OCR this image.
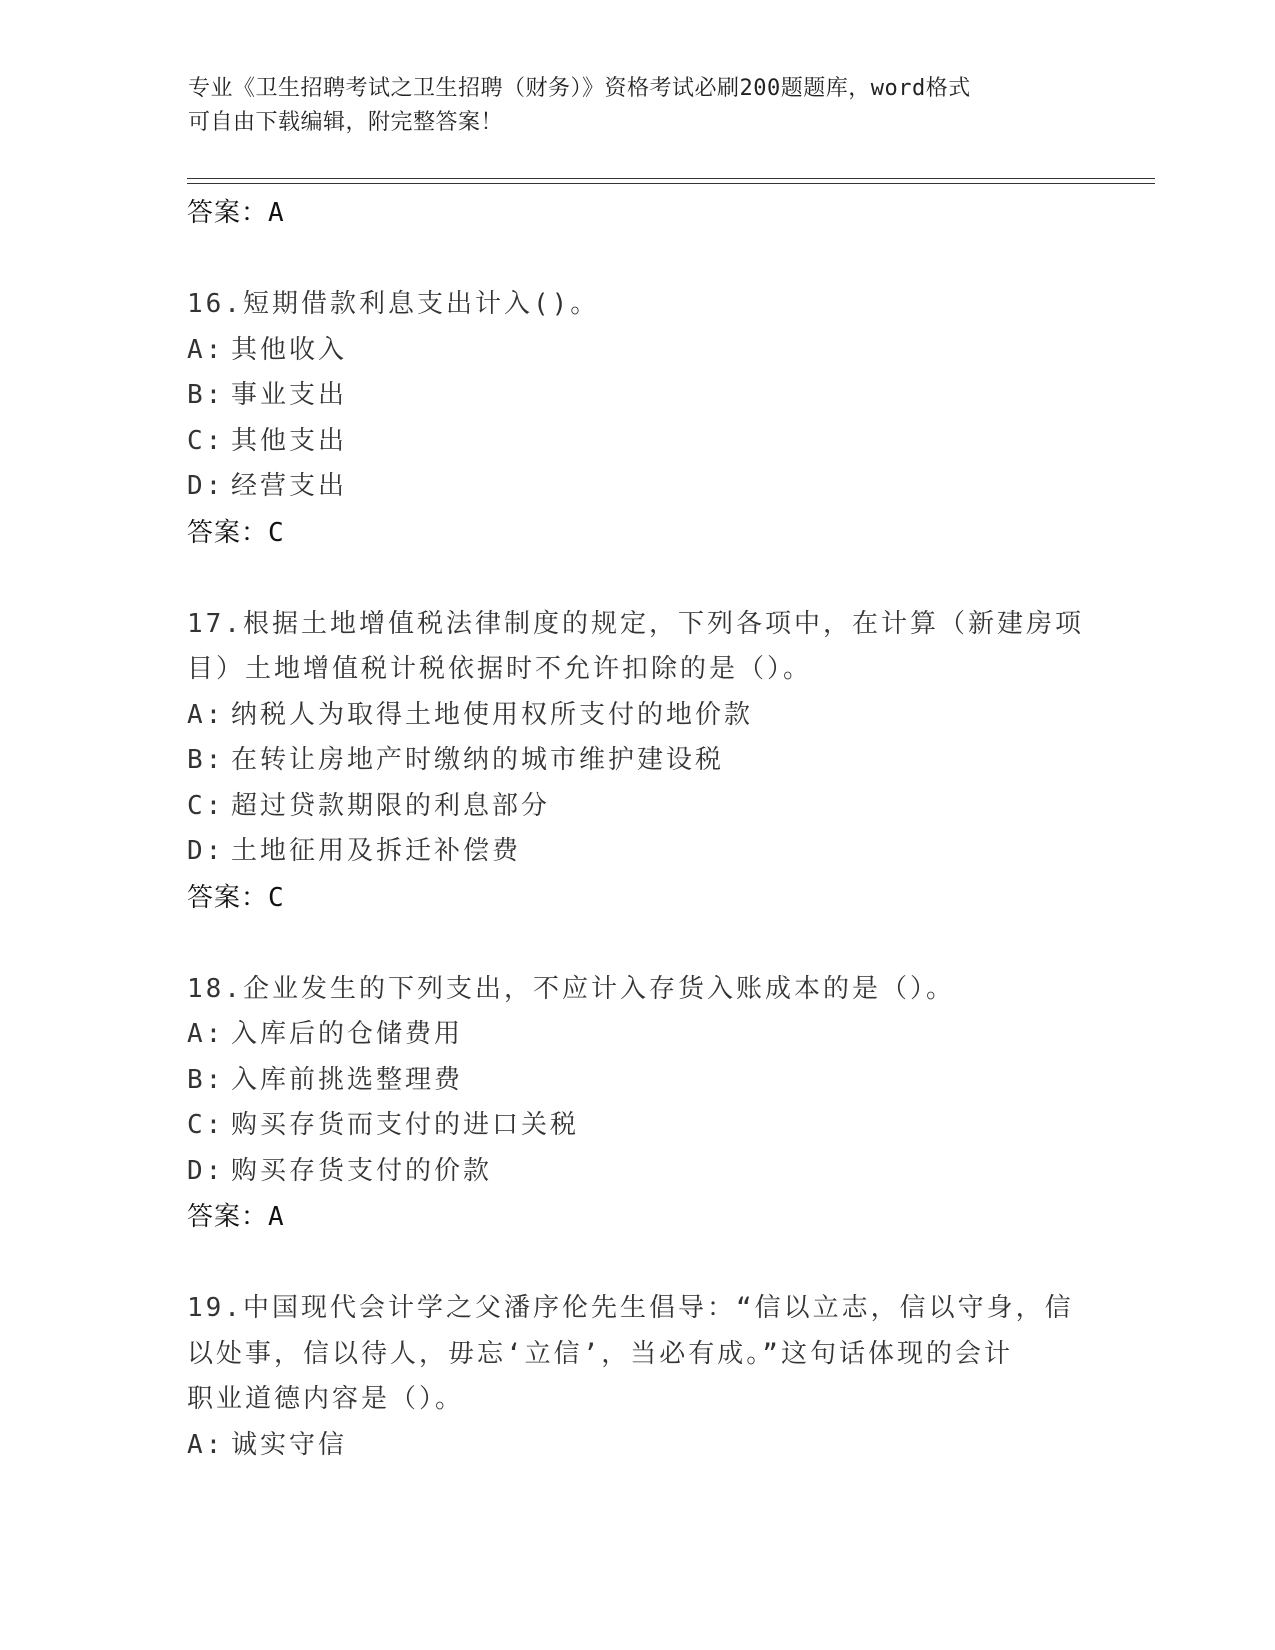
专业《卫生招聘考试之卫生招聘（财务）》资格考试必刷200题题库，word格式
可自由下载编辑，附完整答案！
答案：A
16.短期借款利息支出计入()。
A: 其他收入
B: 事业支出
C: 其他支出
D: 经营支出
答案：C
17.根据土地增值税法律制度的规定，下列各项中，在计算（新建房项
目）土地增值税计税依据时不允许扣除的是（）。
A: 纳税人为取得土地使用权所支付的地价款
B: 在转让房地产时缴纳的城市维护建设税
C: 超过贷款期限的利息部分
D: 土地征用及拆迁补偿费
答案：C
18.企业发生的下列支出，不应计入存货入账成本的是（）。
A: 入库后的仓储费用
B: 入库前挑选整理费
C: 购买存货而支付的进口关税
D: 购买存货支付的价款
答案：A
19.中国现代会计学之父潘序伦先生倡导：“信以立志，信以守身，信
以处事，信以待人，毋忘‘立信’，当必有成。”这句话体现的会计
职业道德内容是（）。
A: 诚实守信
